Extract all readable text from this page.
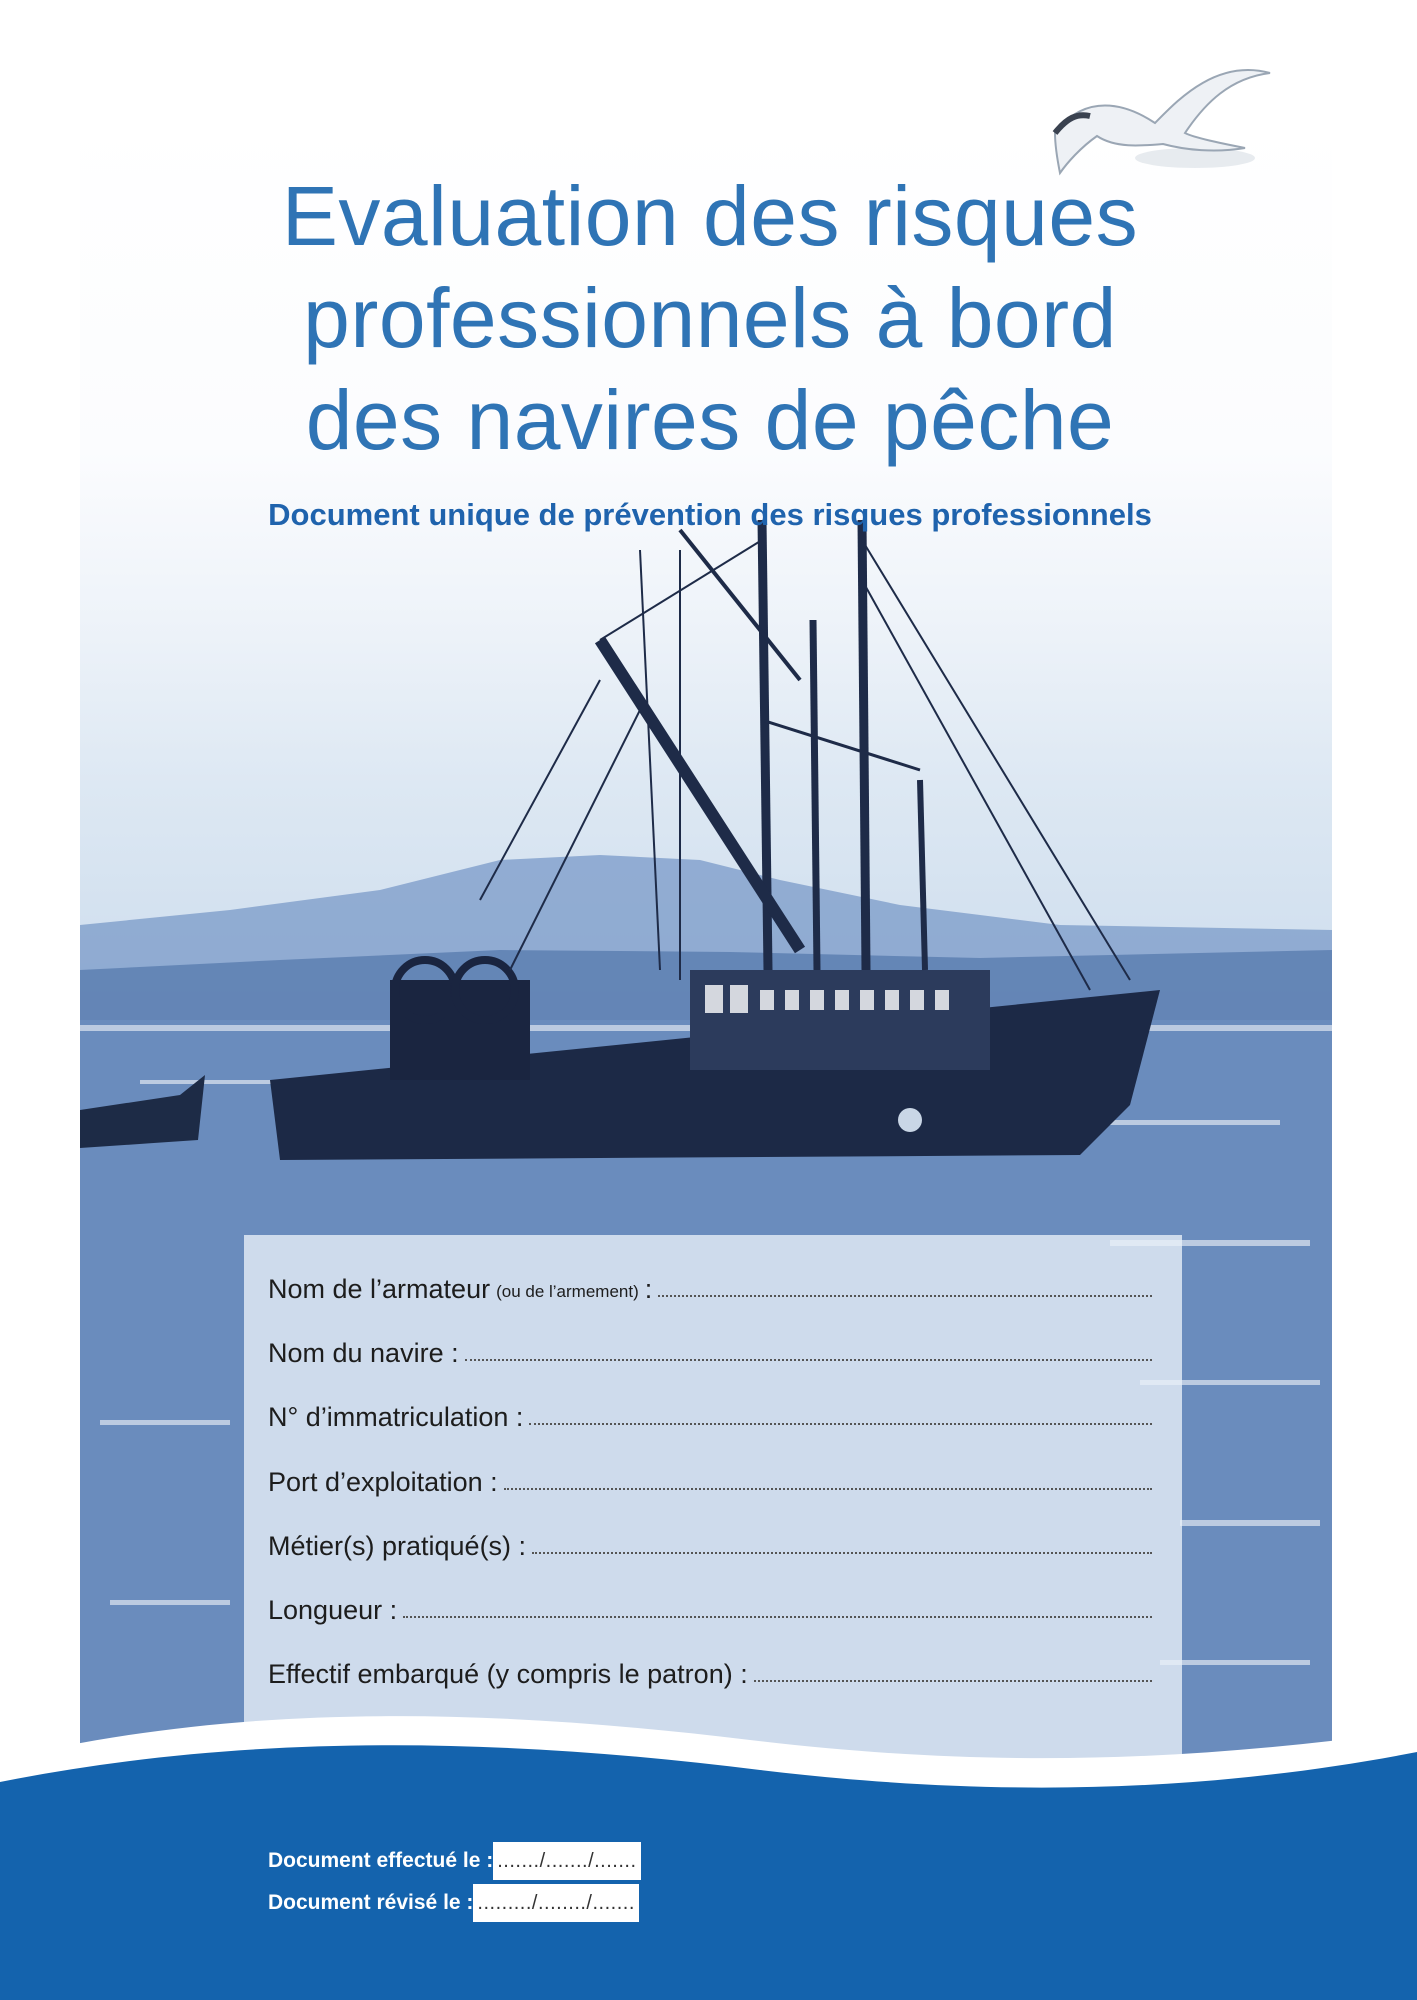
Evaluation des risques
professionnels à bord
des navires de pêche
Document unique de prévention des risques professionnels
Nom de l’armateur (ou de l’armement) :
Nom du navire :
N° d’immatriculation :
Port d’exploitation :
Métier(s) pratiqué(s) :
Longueur :
Effectif embarqué (y compris le patron) :
Document effectué le : ......./......./.......
Document révisé le : ........./......../.......
